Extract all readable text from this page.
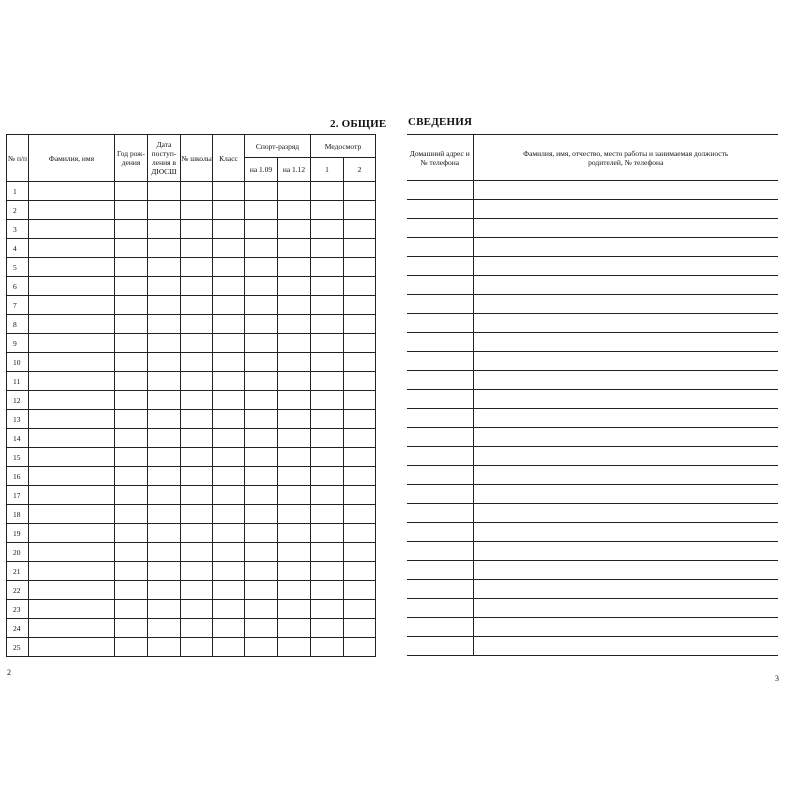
2. ОБЩИЕ СВЕДЕНИЯ
№ п/п	Фамилия, имя	Год рож-дения	Дата поступ-ления в ДЮСШ	№ школы	Класс	Спорт-разряд		Медосмотр	
						на 1.09	на 1.12	1	2
1									
2									
3									
4									
5									
6									
7									
8									
9									
10									
11									
12									
13									
14									
15									
16									
17									
18									
19									
20									
21									
22									
23									
24									
25									
Домашний адрес и № телефона	Фамилия, имя, отчество, место работы и занимаемая должность родителей, № телефона

2
3
